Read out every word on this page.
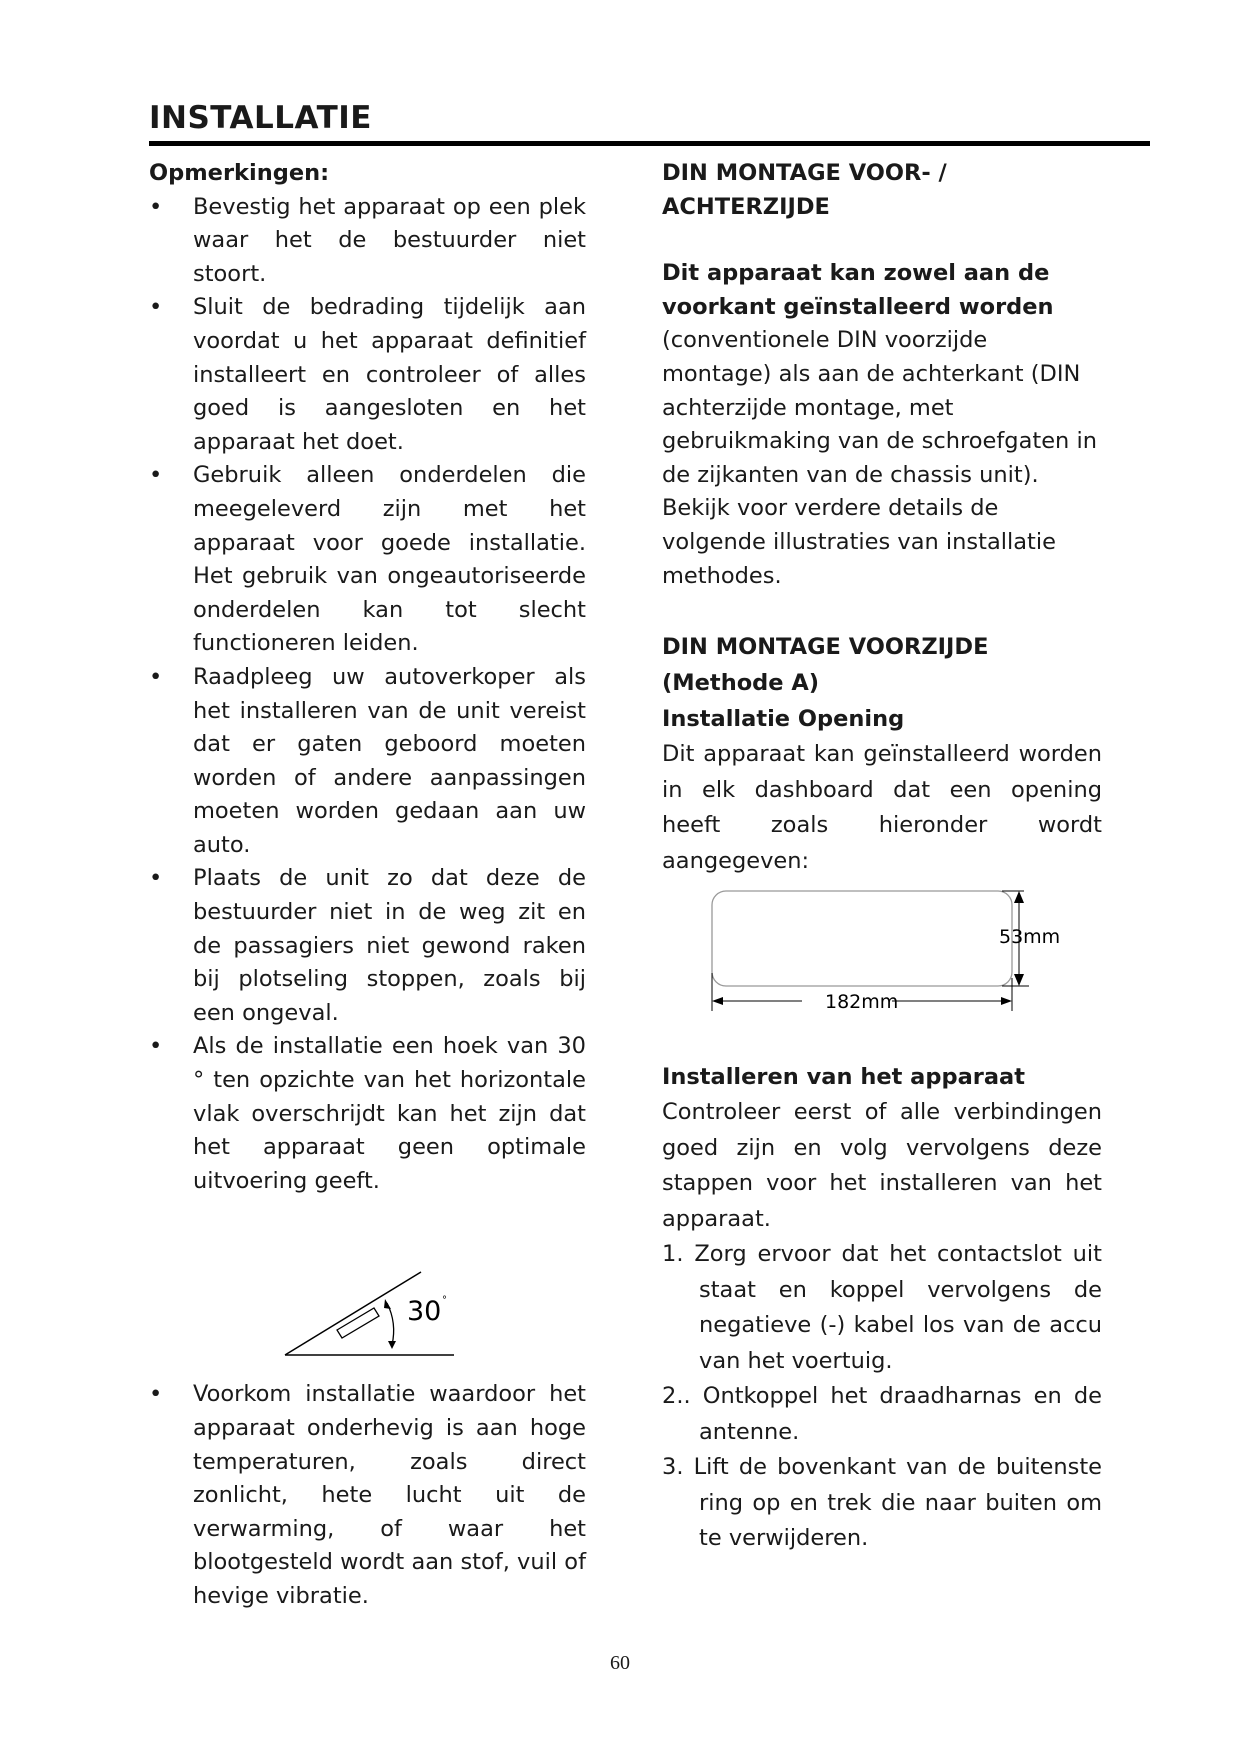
INSTALLATIE
Opmerkingen:
• Bevestig het apparaat op een plek waar het de bestuurder niet stoort.
• Sluit de bedrading tijdelijk aan voordat u het apparaat definitief installeert en controleer of alles goed is aangesloten en het apparaat het doet.
• Gebruik alleen onderdelen die meegeleverd zijn met het apparaat voor goede installatie. Het gebruik van ongeautoriseerde onderdelen kan tot slecht functioneren leiden.
• Raadpleeg uw autoverkoper als het installeren van de unit vereist dat er gaten geboord moeten worden of andere aanpassingen moeten worden gedaan aan uw auto.
• Plaats de unit zo dat deze de bestuurder niet in de weg zit en de passagiers niet gewond raken bij plotseling stoppen, zoals bij een ongeval.
• Als de installatie een hoek van 30 ° ten opzichte van het horizontale vlak overschrijdt kan het zijn dat het apparaat geen optimale uitvoering geeft.
30 °
• Voorkom installatie waardoor het apparaat onderhevig is aan hoge temperaturen, zoals direct zonlicht, hete lucht uit de verwarming, of waar het blootgesteld wordt aan stof, vuil of hevige vibratie.
DIN MONTAGE VOOR- / ACHTERZIJDE

Dit apparaat kan zowel aan de voorkant geïnstalleerd worden (conventionele DIN voorzijde montage) als aan de achterkant (DIN achterzijde montage, met gebruikmaking van de schroefgaten in de zijkanten van de chassis unit). Bekijk voor verdere details de volgende illustraties van installatie methodes.

DIN MONTAGE VOORZIJDE
(Methode A)
Installatie Opening

Dit apparaat kan geïnstalleerd worden in elk dashboard dat een opening heeft zoals hieronder wordt aangegeven:

53mm
182mm
Installeren van het apparaat

Controleer eerst of alle verbindingen goed zijn en volg vervolgens deze stappen voor het installeren van het apparaat.

1. Zorg ervoor dat het contactslot uit staat en koppel vervolgens de negatieve (-) kabel los van de accu van het voertuig.
2.. Ontkoppel het draadharnas en de antenne.
3. Lift de bovenkant van de buitenste ring op en trek die naar buiten om te verwijderen.
60
